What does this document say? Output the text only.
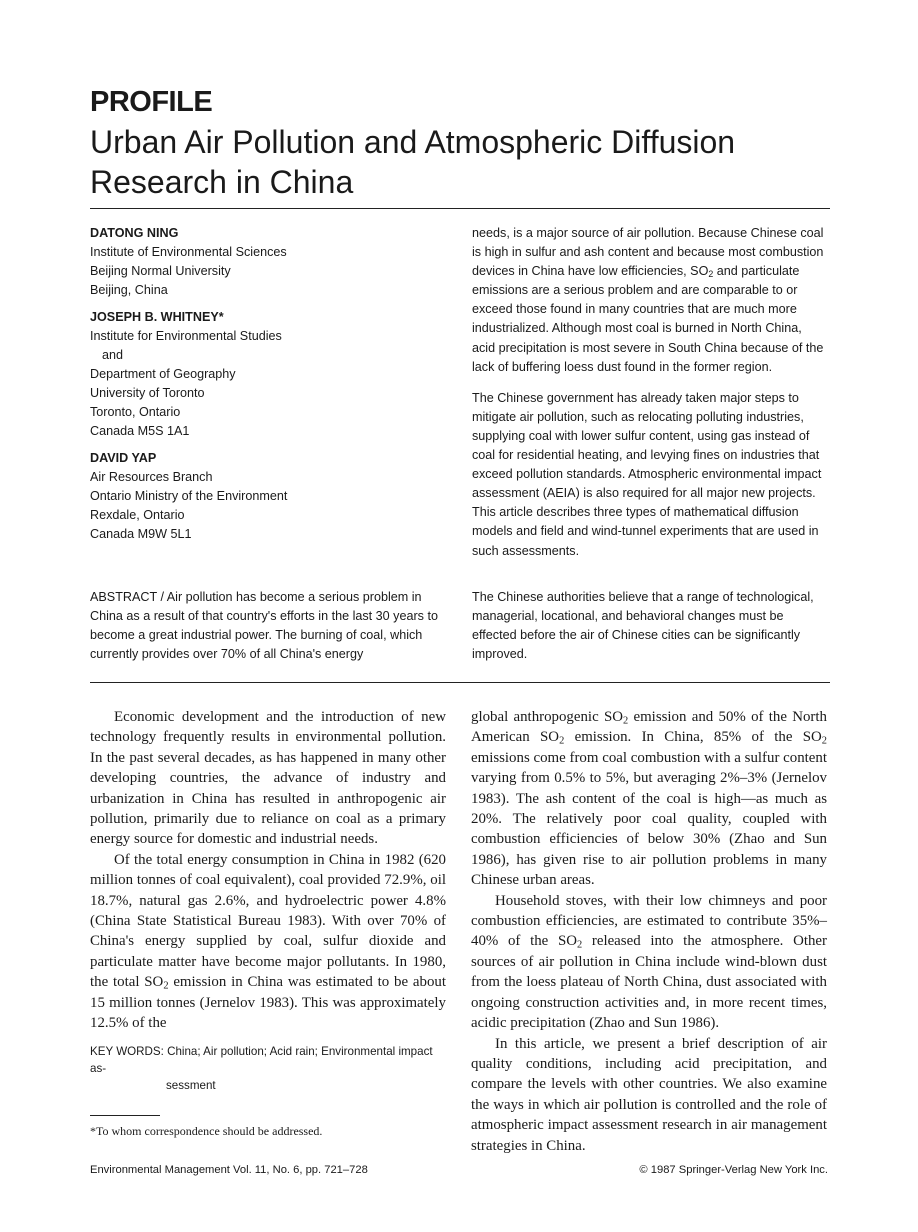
PROFILE
Urban Air Pollution and Atmospheric Diffusion
Research in China
DATONG NING
Institute of Environmental Sciences
Beijing Normal University
Beijing, China
JOSEPH B. WHITNEY*
Institute for Environmental Studies
and
Department of Geography
University of Toronto
Toronto, Ontario
Canada M5S 1A1
DAVID YAP
Air Resources Branch
Ontario Ministry of the Environment
Rexdale, Ontario
Canada M9W 5L1

needs, is a major source of air pollution. Because Chinese coal is high in sulfur and ash content and because most combustion devices in China have low efficiencies, $SO_2$ and particulate emissions are a serious problem and are comparable to or exceed those found in many countries that are much more industrialized. Although most coal is burned in North China, acid precipitation is most severe in South China because of the lack of buffering loess dust found in the former region.

The Chinese government has already taken major steps to mitigate air pollution, such as relocating polluting industries, supplying coal with lower sulfur content, using gas instead of coal for residential heating, and levying fines on industries that exceed pollution standards. Atmospheric environmental impact assessment (AEIA) is also required for all major new projects. This article describes three types of mathematical diffusion models and field and wind-tunnel experiments that are used in such assessments.

ABSTRACT / Air pollution has become a serious problem in China as a result of that country's efforts in the last 30 years to become a great industrial power. The burning of coal, which currently provides over 70% of all China's energy
The Chinese authorities believe that a range of technological, managerial, locational, and behavioral changes must be effected before the air of Chinese cities can be significantly improved.

Economic development and the introduction of new technology frequently results in environmental pollution. In the past several decades, as has happened in many other developing countries, the advance of industry and urbanization in China has resulted in anthropogenic air pollution, primarily due to reliance on coal as a primary energy source for domestic and industrial needs.

Of the total energy consumption in China in 1982 (620 million tonnes of coal equivalent), coal provided 72.9%, oil 18.7%, natural gas 2.6%, and hydroelectric power 4.8% (China State Statistical Bureau 1983). With over 70% of China's energy supplied by coal, sulfur dioxide and particulate matter have become major pollutants. In 1980, the total $SO_2$ emission in China was estimated to be about 15 million tonnes (Jernelov 1983). This was approximately 12.5% of the

global anthropogenic $SO_2$ emission and 50% of the North American $SO_2$ emission. In China, 85% of the $SO_2$ emissions come from coal combustion with a sulfur content varying from 0.5% to 5%, but averaging 2%–3% (Jernelov 1983). The ash content of the coal is high—as much as 20%. The relatively poor coal quality, coupled with combustion efficiencies of below 30% (Zhao and Sun 1986), has given rise to air pollution problems in many Chinese urban areas.

Household stoves, with their low chimneys and poor combustion efficiencies, are estimated to contribute 35%–40% of the $SO_2$ released into the atmosphere. Other sources of air pollution in China include wind-blown dust from the loess plateau of North China, dust associated with ongoing construction activities and, in more recent times, acidic precipitation (Zhao and Sun 1986).

In this article, we present a brief description of air quality conditions, including acid precipitation, and compare the levels with other countries. We also examine the ways in which air pollution is controlled and the role of atmospheric impact assessment research in air management strategies in China.

KEY WORDS: China; Air pollution; Acid rain; Environmental impact as-
sessment
*To whom correspondence should be addressed.
Environmental Management Vol. 11, No. 6, pp. 721–728	© 1987 Springer-Verlag New York Inc.
